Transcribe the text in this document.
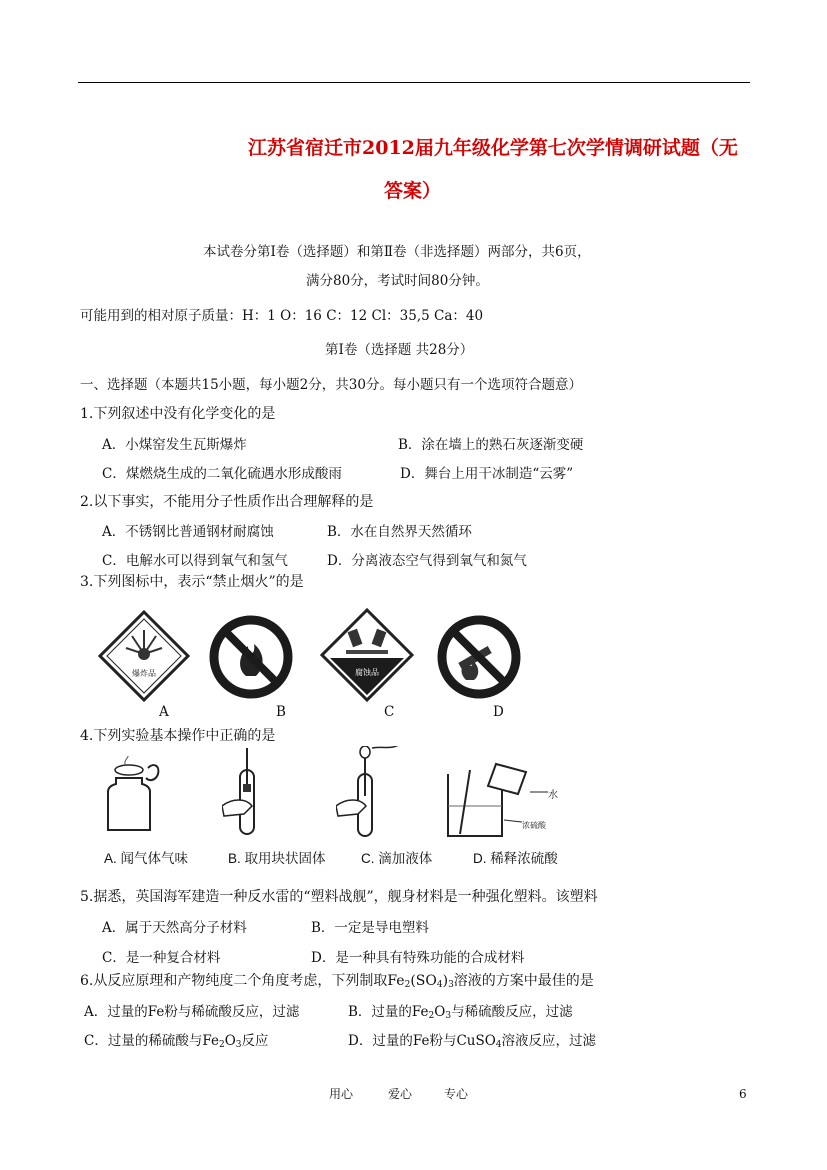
江苏省宿迁市2012届九年级化学第七次学情调研试题（无
答案）
本试卷分第Ⅰ卷（选择题）和第Ⅱ卷（非选择题）两部分，共6页，
满分80分，考试时间80分钟。
可能用到的相对原子质量：H：1 O：16 C：12 Cl：35,5 Ca：40
第Ⅰ卷（选择题 共28分）
一、选择题（本题共15小题，每小题2分，共30分。每小题只有一个选项符合题意）
1.下列叙述中没有化学变化的是
A．小煤窑发生瓦斯爆炸	B．涂在墙上的熟石灰逐渐变硬
C．煤燃烧生成的二氧化硫遇水形成酸雨	D．舞台上用干冰制造“云雾”
2.以下事实，不能用分子性质作出合理解释的是
A．不锈钢比普通钢材耐腐蚀	B．水在自然界天然循环
C．电解水可以得到氧气和氢气	D．分离液态空气得到氧气和氮气
3.下列图标中，表示“禁止烟火”的是
爆炸品	腐蚀品
A	B	C	D
4.下列实验基本操作中正确的是
水
浓硫酸
A. 闻气体气味	B. 取用块状固体	C. 滴加液体	D. 稀释浓硫酸
5.据悉，英国海军建造一种反水雷的“塑料战舰”，舰身材料是一种强化塑料。该塑料
A．属于天然高分子材料	B．一定是导电塑料
C．是一种复合材料	D．是一种具有特殊功能的合成材料
6.从反应原理和产物纯度二个角度考虑，下列制取$Fe_2(SO_4)_3$溶液的方案中最佳的是
A．过量的Fe粉与稀硫酸反应，过滤	B．过量的$Fe_2O_3$与稀硫酸反应，过滤
C．过量的稀硫酸与$Fe_2O_3$反应	D．过量的Fe粉与CuSO$_4$溶液反应，过滤
用心	爱心	专心	6
